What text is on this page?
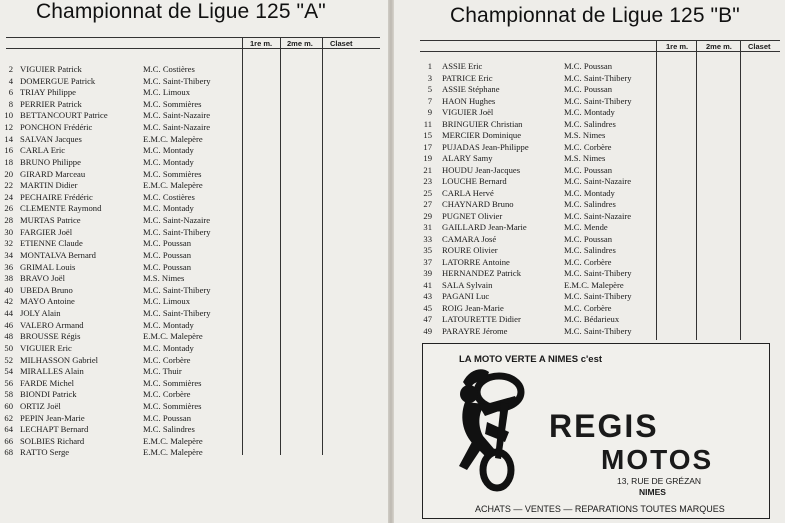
Championnat de Ligue 125 "A"
1re m. 2me m. Claset
2 VIGUIER Patrick	M.C. Costières
4 DOMERGUE Patrick	M.C. Saint-Thibery
6 TRIAY Philippe	M.C. Limoux
8 PERRIER Patrick	M.C. Sommières
10 BETTANCOURT Patrice	M.C. Saint-Nazaire
12 PONCHON Frédéric	M.C. Saint-Nazaire
14 SALVAN Jacques	E.M.C. Malepère
16 CARLA Eric	M.C. Montady
18 BRUNO Philippe	M.C. Montady
20 GIRARD Marceau	M.C. Sommières
22 MARTIN Didier	E.M.C. Malepère
24 PECHAIRE Frédéric	M.C. Costières
26 CLEMENTE Raymond	M.C. Montady
28 MURTAS Patrice	M.C. Saint-Nazaire
30 FARGIER Joël	M.C. Saint-Thibery
32 ETIENNE Claude	M.C. Poussan
34 MONTALVA Bernard	M.C. Poussan
36 GRIMAL Louis	M.C. Poussan
38 BRAVO Joël	M.S. Nimes
40 UBEDA Bruno	M.C. Saint-Thibery
42 MAYO Antoine	M.C. Limoux
44 JOLY Alain	M.C. Saint-Thibery
46 VALERO Armand	M.C. Montady
48 BROUSSE Régis	E.M.C. Malepère
50 VIGUIER Eric	M.C. Montady
52 MILHASSON Gabriel	M.C. Corbère
54 MIRALLES Alain	M.C. Thuir
56 FARDE Michel	M.C. Sommières
58 BIONDI Patrick	M.C. Corbère
60 ORTIZ Joël	M.C. Sommières
62 PEPIN Jean-Marie	M.C. Poussan
64 LECHAPT Bernard	M.C. Salindres
66 SOLBIES Richard	E.M.C. Malepère
68 RATTO Serge	E.M.C. Malepère
Championnat de Ligue 125 "B"
1re m. 2me m. Claset
1 ASSIE Eric	M.C. Poussan
3 PATRICE Eric	M.C. Saint-Thibery
5 ASSIE Stéphane	M.C. Poussan
7 HAON Hughes	M.C. Saint-Thibery
9 VIGUIER Joël	M.C. Montady
11 BRINGUIER Christian	M.C. Salindres
15 MERCIER Dominique	M.S. Nimes
17 PUJADAS Jean-Philippe	M.C. Corbère
19 ALARY Samy	M.S. Nimes
21 HOUDU Jean-Jacques	M.C. Poussan
23 LOUCHE Bernard	M.C. Saint-Nazaire
25 CARLA Hervé	M.C. Montady
27 CHAYNARD Bruno	M.C. Salindres
29 PUGNET Olivier	M.C. Saint-Nazaire
31 GAILLARD Jean-Marie	M.C. Mende
33 CAMARA José	M.C. Poussan
35 ROURE Olivier	M.C. Salindres
37 LATORRE Antoine	M.C. Corbère
39 HERNANDEZ Patrick	M.C. Saint-Thibery
41 SALA Sylvain	E.M.C. Malepère
43 PAGANI Luc	M.C. Saint-Thibery
45 ROIG Jean-Marie	M.C. Corbère
47 LATOURETTE Didier	M.C. Bédarieux
49 PARAYRE Jérome	M.C. Saint-Thibery
LA MOTO VERTE A NIMES c'est
REGIS
MOTOS
13, RUE DE GRÉZAN
NIMES
ACHATS — VENTES — REPARATIONS TOUTES MARQUES
